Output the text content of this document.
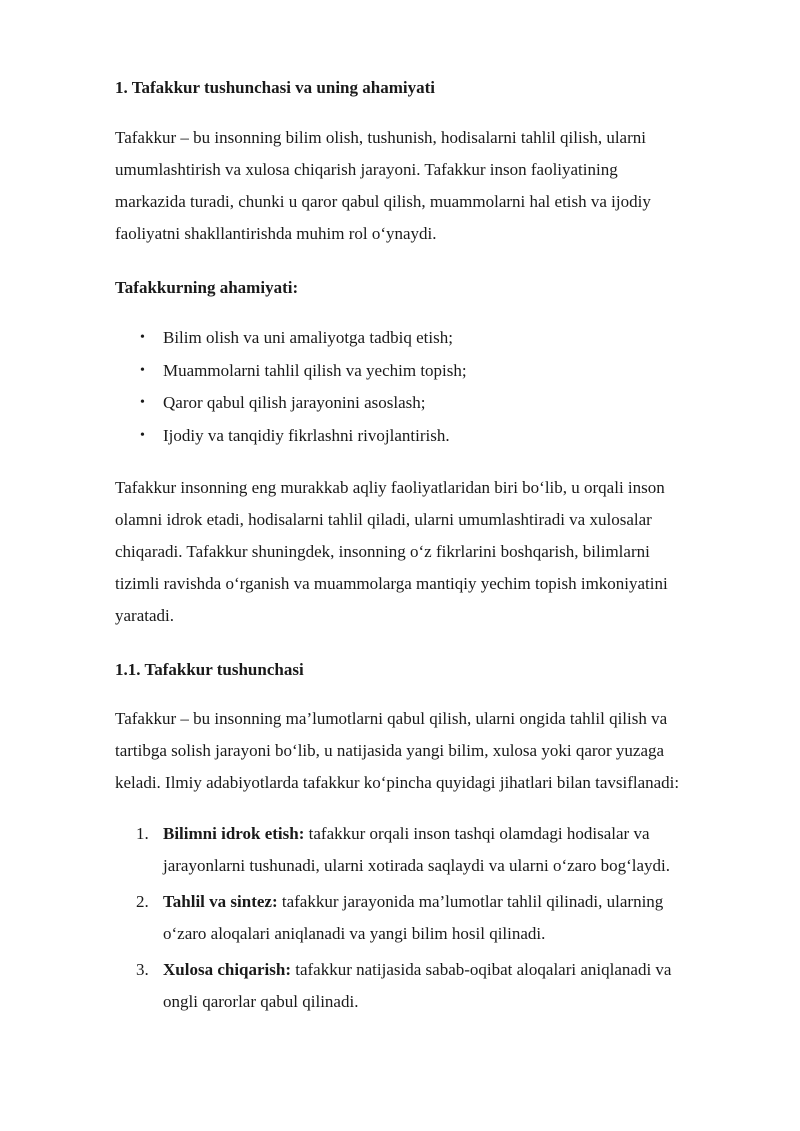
1. Tafakkur tushunchasi va uning ahamiyati
Tafakkur – bu insonning bilim olish, tushunish, hodisalarni tahlil qilish, ularni
umumlashtirish va xulosa chiqarish jarayoni. Tafakkur inson faoliyatining
markazida turadi, chunki u qaror qabul qilish, muammolarni hal etish va ijodiy
faoliyatni shakllantirishda muhim rol o‘ynaydi.
Tafakkurning ahamiyati:
• Bilim olish va uni amaliyotga tadbiq etish;
• Muammolarni tahlil qilish va yechim topish;
• Qaror qabul qilish jarayonini asoslash;
• Ijodiy va tanqidiy fikrlashni rivojlantirish.
Tafakkur insonning eng murakkab aqliy faoliyatlaridan biri bo‘lib, u orqali inson
olamni idrok etadi, hodisalarni tahlil qiladi, ularni umumlashtiradi va xulosalar
chiqaradi. Tafakkur shuningdek, insonning o‘z fikrlarini boshqarish, bilimlarni
tizimli ravishda o‘rganish va muammolarga mantiqiy yechim topish imkoniyatini
yaratadi.
1.1. Tafakkur tushunchasi
Tafakkur – bu insonning ma’lumotlarni qabul qilish, ularni ongida tahlil qilish va
tartibga solish jarayoni bo‘lib, u natijasida yangi bilim, xulosa yoki qaror yuzaga
keladi. Ilmiy adabiyotlarda tafakkur ko‘pincha quyidagi jihatlari bilan tavsiflanadi:
1. Bilimni idrok etish: tafakkur orqali inson tashqi olamdagi hodisalar va
jarayonlarni tushunadi, ularni xotirada saqlaydi va ularni o‘zaro bog‘laydi.
2. Tahlil va sintez: tafakkur jarayonida ma’lumotlar tahlil qilinadi, ularning
o‘zaro aloqalari aniqlanadi va yangi bilim hosil qilinadi.
3. Xulosa chiqarish: tafakkur natijasida sabab-oqibat aloqalari aniqlanadi va
ongli qarorlar qabul qilinadi.
